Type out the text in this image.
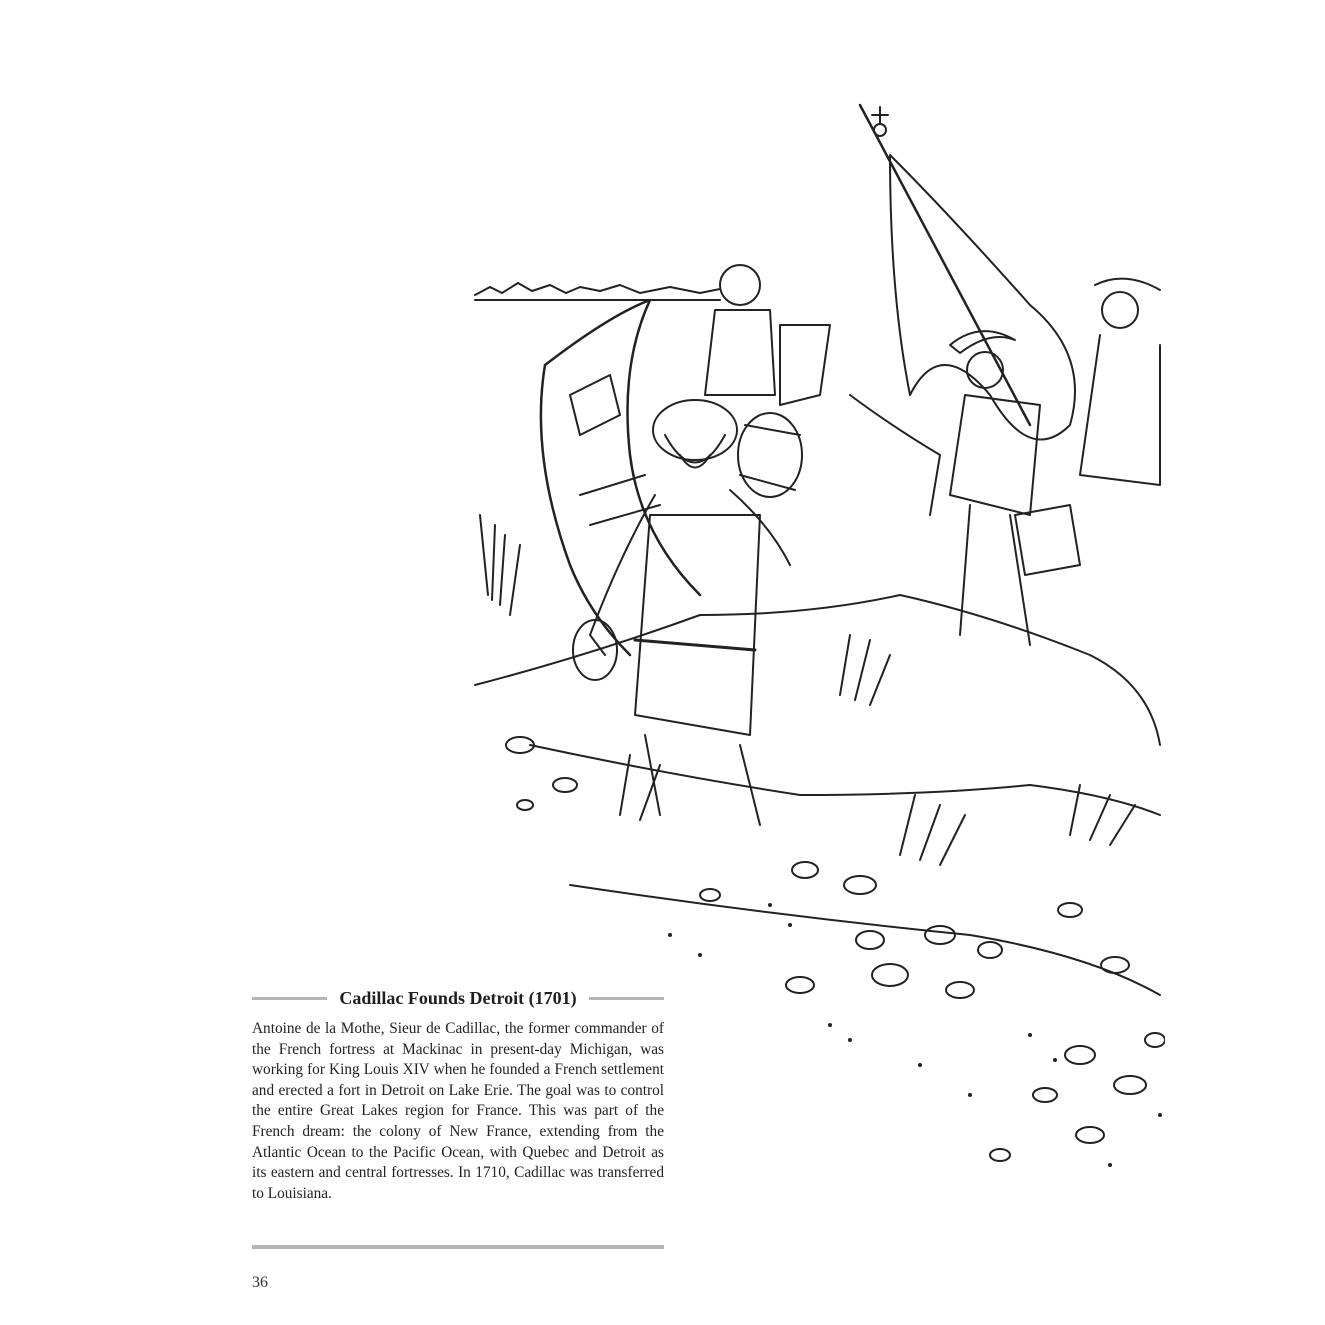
Cadillac Founds Detroit (1701)
Antoine de la Mothe, Sieur de Cadillac, the former commander of the French fortress at Mackinac in present-day Michigan, was working for King Louis XIV when he founded a French settlement and erected a fort in Detroit on Lake Erie. The goal was to control the entire Great Lakes region for France. This was part of the French dream: the colony of New France, extending from the Atlantic Ocean to the Pacific Ocean, with Quebec and Detroit as its eastern and central fortresses. In 1710, Cadillac was transferred to Louisiana.
36
